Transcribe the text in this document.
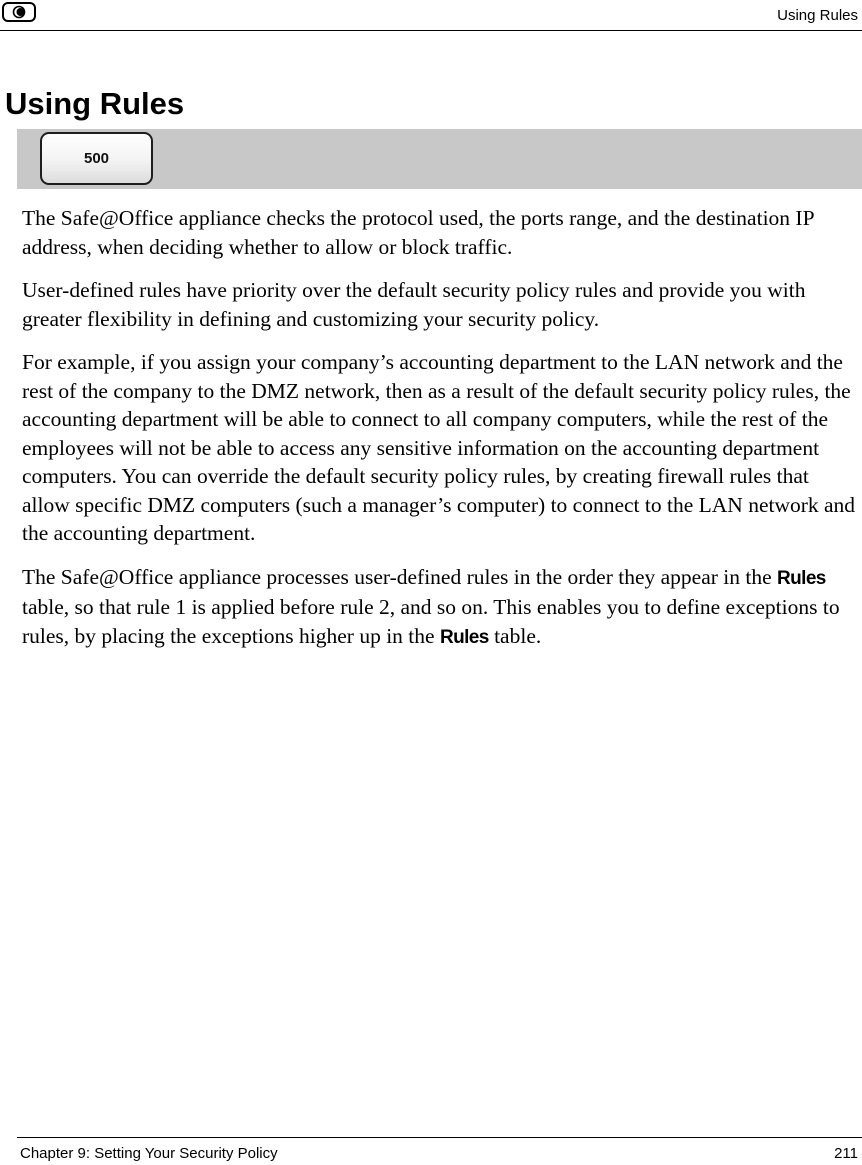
Using Rules
Using Rules
500

The Safe@Office appliance checks the protocol used, the ports range, and the destination IP address, when deciding whether to allow or block traffic.

User-defined rules have priority over the default security policy rules and provide you with greater flexibility in defining and customizing your security policy.

For example, if you assign your company’s accounting department to the LAN network and the rest of the company to the DMZ network, then as a result of the default security policy rules, the accounting department will be able to connect to all company computers, while the rest of the employees will not be able to access any sensitive information on the accounting department computers. You can override the default security policy rules, by creating firewall rules that allow specific DMZ computers (such a manager’s computer) to connect to the LAN network and the accounting department.

The Safe@Office appliance processes user-defined rules in the order they appear in the Rules table, so that rule 1 is applied before rule 2, and so on. This enables you to define exceptions to rules, by placing the exceptions higher up in the Rules table.

Chapter 9: Setting Your Security Policy	211
